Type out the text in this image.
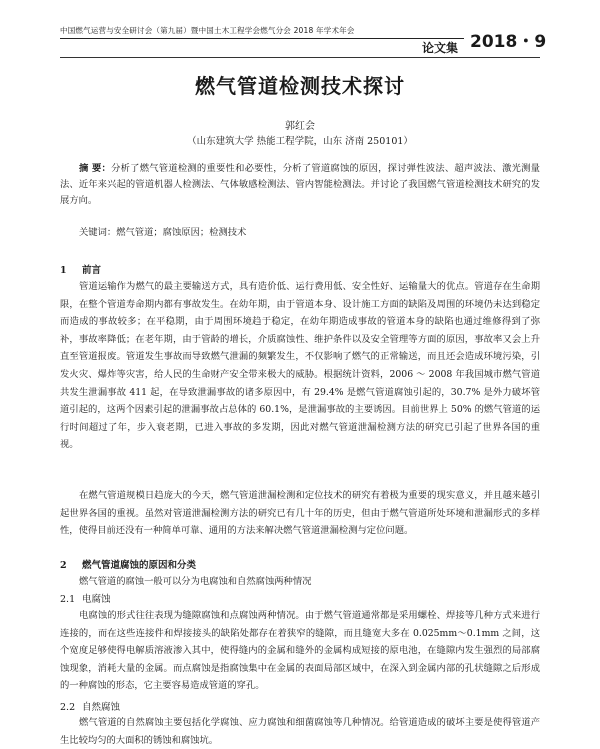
中国燃气运营与安全研讨会（第九届）暨中国土木工程学会燃气分会 2018 年学术年会
2018・9
论文集
燃气管道检测技术探讨
郭红会
（山东建筑大学 热能工程学院，山东 济南 250101）
摘 要：分析了燃气管道检测的重要性和必要性，分析了管道腐蚀的原因，探讨弹性波法、超声波法、激光测量法、近年来兴起的管道机器人检测法、气体敏感检测法、管内智能检测法。并讨论了我国燃气管道检测技术研究的发展方向。
关键词：燃气管道；腐蚀原因；检测技术
1 前言
管道运输作为燃气的最主要输送方式，具有造价低、运行费用低、安全性好、运输量大的优点。管道存在生命期限，在整个管道寿命期内都有事故发生。在幼年期，由于管道本身、设计施工方面的缺陷及周围的环境仍未达到稳定而造成的事故较多；在平稳期，由于周围环境趋于稳定，在幼年期造成事故的管道本身的缺陷也通过维修得到了弥补，事故率降低；在老年期，由于管龄的增长，介质腐蚀性、维护条件以及安全管理等方面的原因，事故率又会上升直至管道报废。管道发生事故而导致燃气泄漏的频繁发生，不仅影响了燃气的正常输送，而且还会造成环境污染，引发火灾、爆炸等灾害，给人民的生命财产安全带来极大的威胁。根据统计资料，2006 ～ 2008 年我国城市燃气管道共发生泄漏事故 411 起，在导致泄漏事故的诸多原因中，有 29.4% 是燃气管道腐蚀引起的，30.7% 是外力破坏管道引起的，这两个因素引起的泄漏事故占总体的 60.1%，是泄漏事故的主要诱因。目前世界上 50% 的燃气管道的运行时间超过了年，步入衰老期，已进入事故的多发期，因此对燃气管道泄漏检测方法的研究已引起了世界各国的重视。
在燃气管道规模日趋庞大的今天，燃气管道泄漏检测和定位技术的研究有着极为重要的现实意义，并且越来越引起世界各国的重视。虽然对管道泄漏检测方法的研究已有几十年的历史，但由于燃气管道所处环境和泄漏形式的多样性，使得目前还没有一种简单可靠、通用的方法来解决燃气管道泄漏检测与定位问题。
2 燃气管道腐蚀的原因和分类
燃气管道的腐蚀一般可以分为电腐蚀和自然腐蚀两种情况
2.1 电腐蚀
电腐蚀的形式往往表现为缝隙腐蚀和点腐蚀两种情况。由于燃气管道通常都是采用螺栓、焊接等几种方式来进行连接的，而在这些连接件和焊接接头的缺陷处都存在着狭窄的缝隙，而且缝宽大多在 0.025mm～0.1mm 之间，这个宽度足够使得电解质溶液渗入其中，使得缝内的金属和缝外的金属构成短接的原电池，在缝隙内发生强烈的局部腐蚀现象，消耗大量的金属。而点腐蚀是指腐蚀集中在金属的表面局部区域中，在深入到金属内部的孔状缝隙之后形成的一种腐蚀的形态，它主要容易造成管道的穿孔。
2.2 自然腐蚀
燃气管道的自然腐蚀主要包括化学腐蚀、应力腐蚀和细菌腐蚀等几种情况。给管道造成的破坏主要是使得管道产生比较均匀的大面积的锈蚀和腐蚀坑。
